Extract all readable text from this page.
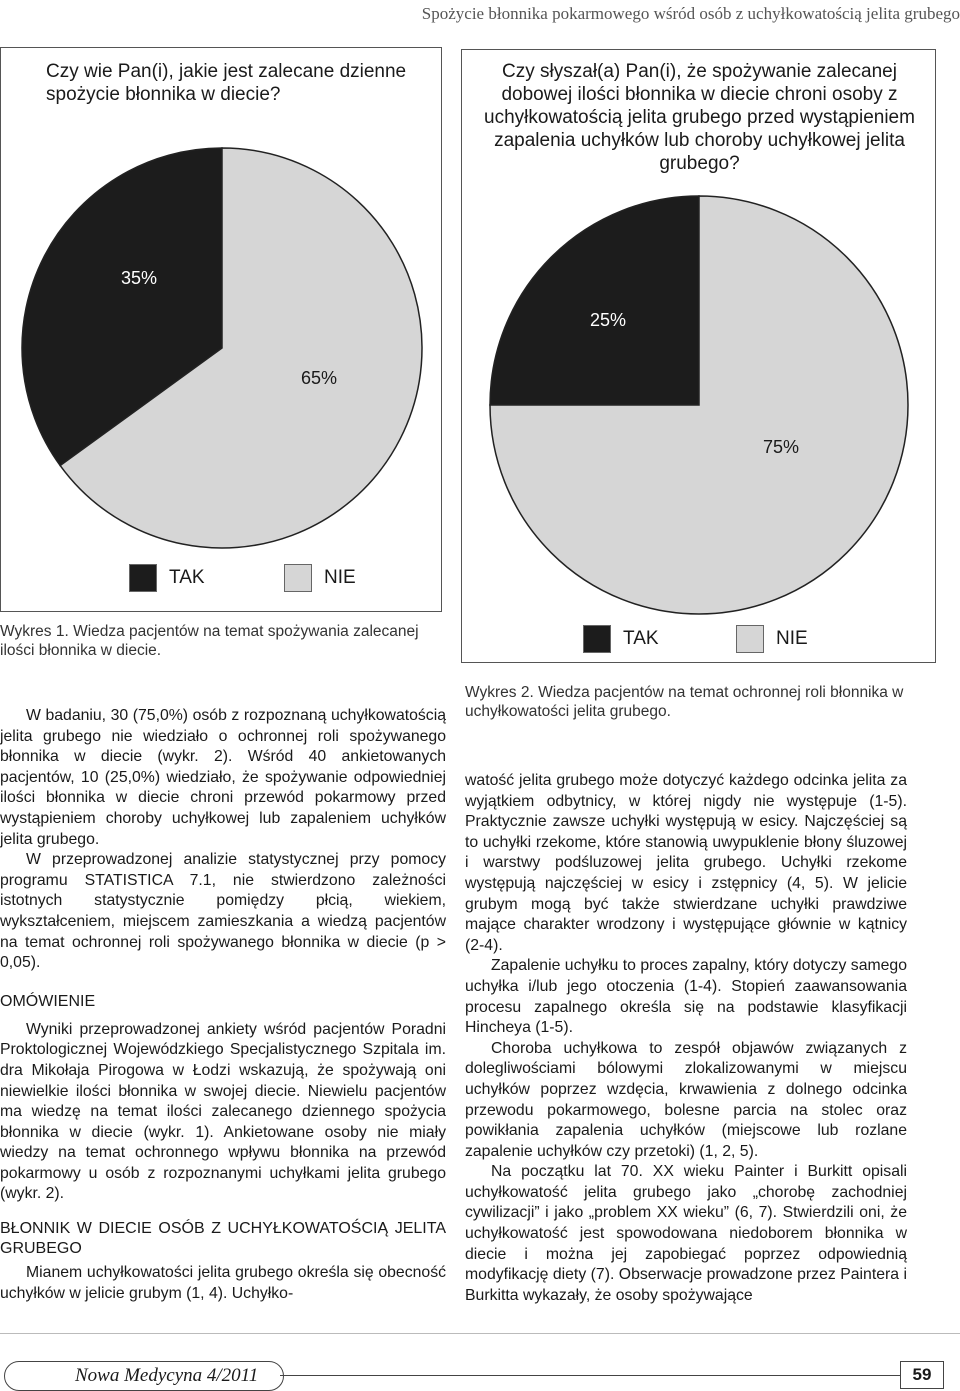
Spożycie błonnika pokarmowego wśród osób z uchyłkowatością jelita grubego
Czy wie Pan(i), jakie jest zalecane dzienne spożycie błonnika w diecie?
35%
65%
TAK	NIE
Wykres 1. Wiedza pacjentów na temat spożywania zalecanej ilości błonnika w diecie.
Czy słyszał(a) Pan(i), że spożywanie zalecanej dobowej ilości błonnika w diecie chroni osoby z uchyłkowatością jelita grubego przed wystąpieniem zapalenia uchyłków lub choroby uchyłkowej jelita grubego?
25%
75%
TAK	NIE
Wykres 2. Wiedza pacjentów na temat ochronnej roli błonnika w uchyłkowatości jelita grubego.

W badaniu, 30 (75,0%) osób z rozpoznaną uchyłkowatością jelita grubego nie wiedziało o ochronnej roli spożywanego błonnika w diecie (wykr. 2). Wśród 40 ankietowanych pacjentów, 10 (25,0%) wiedziało, że spożywanie odpowiedniej ilości błonnika w diecie chroni przewód pokarmowy przed wystąpieniem choroby uchyłkowej lub zapaleniem uchyłków jelita grubego.

W przeprowadzonej analizie statystycznej przy pomocy programu STATISTICA 7.1, nie stwierdzono zależności istotnych statystycznie pomiędzy płcią, wiekiem, wykształceniem, miejscem zamieszkania a wiedzą pacjentów na temat ochronnej roli spożywanego błonnika w diecie (p > 0,05).

OMÓWIENIE

Wyniki przeprowadzonej ankiety wśród pacjentów Poradni Proktologicznej Wojewódzkiego Specjalistycznego Szpitala im. dra Mikołaja Pirogowa w Łodzi wskazują, że spożywają oni niewielkie ilości błonnika w swojej diecie. Niewielu pacjentów ma wiedzę na temat ilości zalecanego dziennego spożycia błonnika w diecie (wykr. 1). Ankietowane osoby nie miały wiedzy na temat ochronnego wpływu błonnika na przewód pokarmowy u osób z rozpoznanymi uchyłkami jelita grubego (wykr. 2).

BŁONNIK W DIECIE OSÓB Z UCHYŁKOWATOŚCIĄ JELITA GRUBEGO

Mianem uchyłkowatości jelita grubego określa się obecność uchyłków w jelicie grubym (1, 4). Uchyłko-

watość jelita grubego może dotyczyć każdego odcinka jelita za wyjątkiem odbytnicy, w której nigdy nie występuje (1-5). Praktycznie zawsze uchyłki występują w esicy. Najczęściej są to uchyłki rzekome, które stanowią uwypuklenie błony śluzowej i warstwy podśluzowej jelita grubego. Uchyłki rzekome występują najczęściej w esicy i zstępnicy (4, 5). W jelicie grubym mogą być także stwierdzane uchyłki prawdziwe mające charakter wrodzony i występujące głównie w kątnicy (2-4).

Zapalenie uchyłku to proces zapalny, który dotyczy samego uchyłka i/lub jego otoczenia (1-4). Stopień zaawansowania procesu zapalnego określa się na podstawie klasyfikacji Hincheya (1-5).

Choroba uchyłkowa to zespół objawów związanych z dolegliwościami bólowymi zlokalizowanymi w miejscu uchyłków poprzez wzdęcia, krwawienia z dolnego odcinka przewodu pokarmowego, bolesne parcia na stolec oraz powikłania zapalenia uchyłków (miejscowe lub rozlane zapalenie uchyłków czy przetoki) (1, 2, 5).

Na początku lat 70. XX wieku Painter i Burkitt opisali uchyłkowatość jelita grubego jako „chorobę zachodniej cywilizacji” i jako „problem XX wieku” (6, 7). Stwierdzili oni, że uchyłkowatość jest spowodowana niedoborem błonnika w diecie i można jej zapobiegać poprzez odpowiednią modyfikację diety (7). Obserwacje prowadzone przez Paintera i Burkitta wykazały, że osoby spożywające

Nowa Medycyna 4/2011	59
